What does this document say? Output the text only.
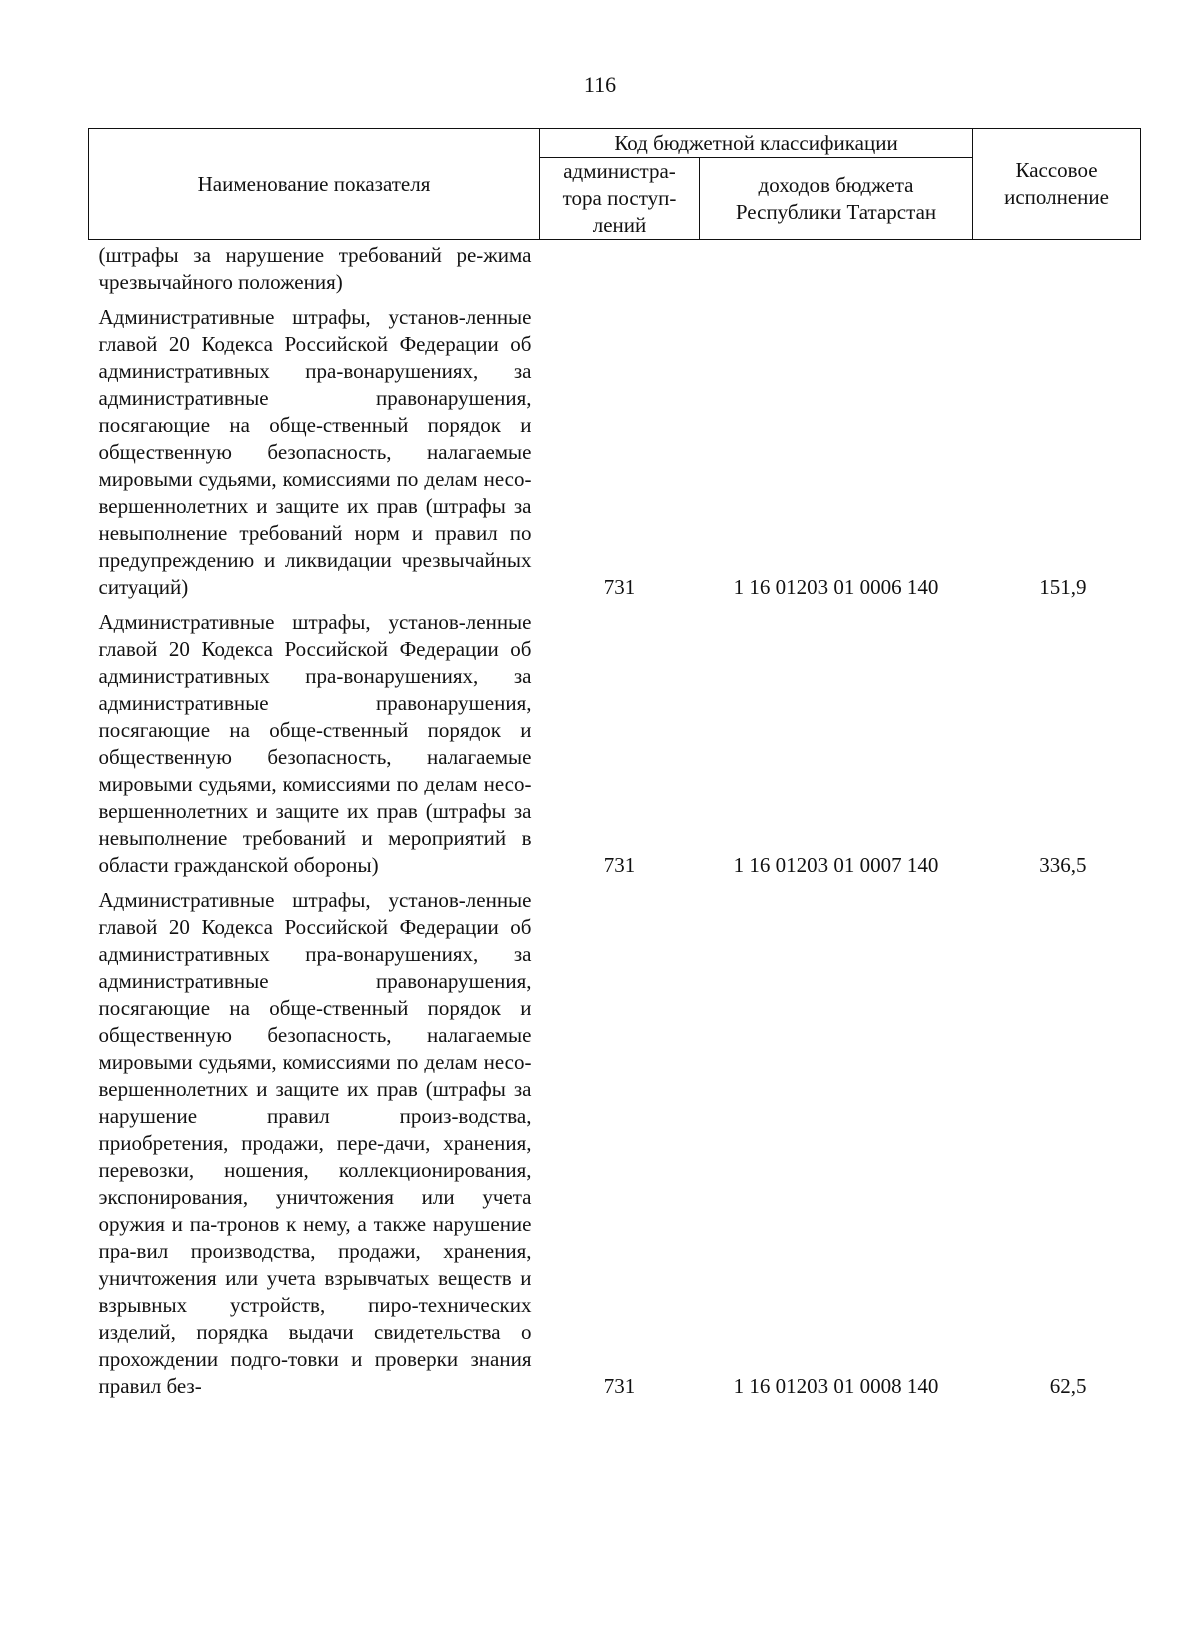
116
Наименование показателя	Код бюджетной классификации		Кассовое исполнение
	администра-тора поступ-лений	доходов бюджета Республики Татарстан	
(штрафы за нарушение требований ре-жима чрезвычайного положения)			
Административные штрафы, установ-ленные главой 20 Кодекса Российской Федерации об административных пра-вонарушениях, за административные правонарушения, посягающие на обще-ственный порядок и общественную безопасность, налагаемые мировыми судьями, комиссиями по делам несо-вершеннолетних и защите их прав (штрафы за невыполнение требований норм и правил по предупреждению и ликвидации чрезвычайных ситуаций)	731	1 16 01203 01 0006 140	151,9
Административные штрафы, установ-ленные главой 20 Кодекса Российской Федерации об административных пра-вонарушениях, за административные правонарушения, посягающие на обще-ственный порядок и общественную безопасность, налагаемые мировыми судьями, комиссиями по делам несо-вершеннолетних и защите их прав (штрафы за невыполнение требований и мероприятий в области гражданской обороны)	731	1 16 01203 01 0007 140	336,5
Административные штрафы, установ-ленные главой 20 Кодекса Российской Федерации об административных пра-вонарушениях, за административные правонарушения, посягающие на обще-ственный порядок и общественную безопасность, налагаемые мировыми судьями, комиссиями по делам несо-вершеннолетних и защите их прав (штрафы за нарушение правил произ-водства, приобретения, продажи, пере-дачи, хранения, перевозки, ношения, коллекционирования, экспонирования, уничтожения или учета оружия и па-тронов к нему, а также нарушение пра-вил производства, продажи, хранения, уничтожения или учета взрывчатых веществ и взрывных устройств, пиро-технических изделий, порядка выдачи свидетельства о прохождении подго-товки и проверки знания правил без-	731	1 16 01203 01 0008 140	62,5
